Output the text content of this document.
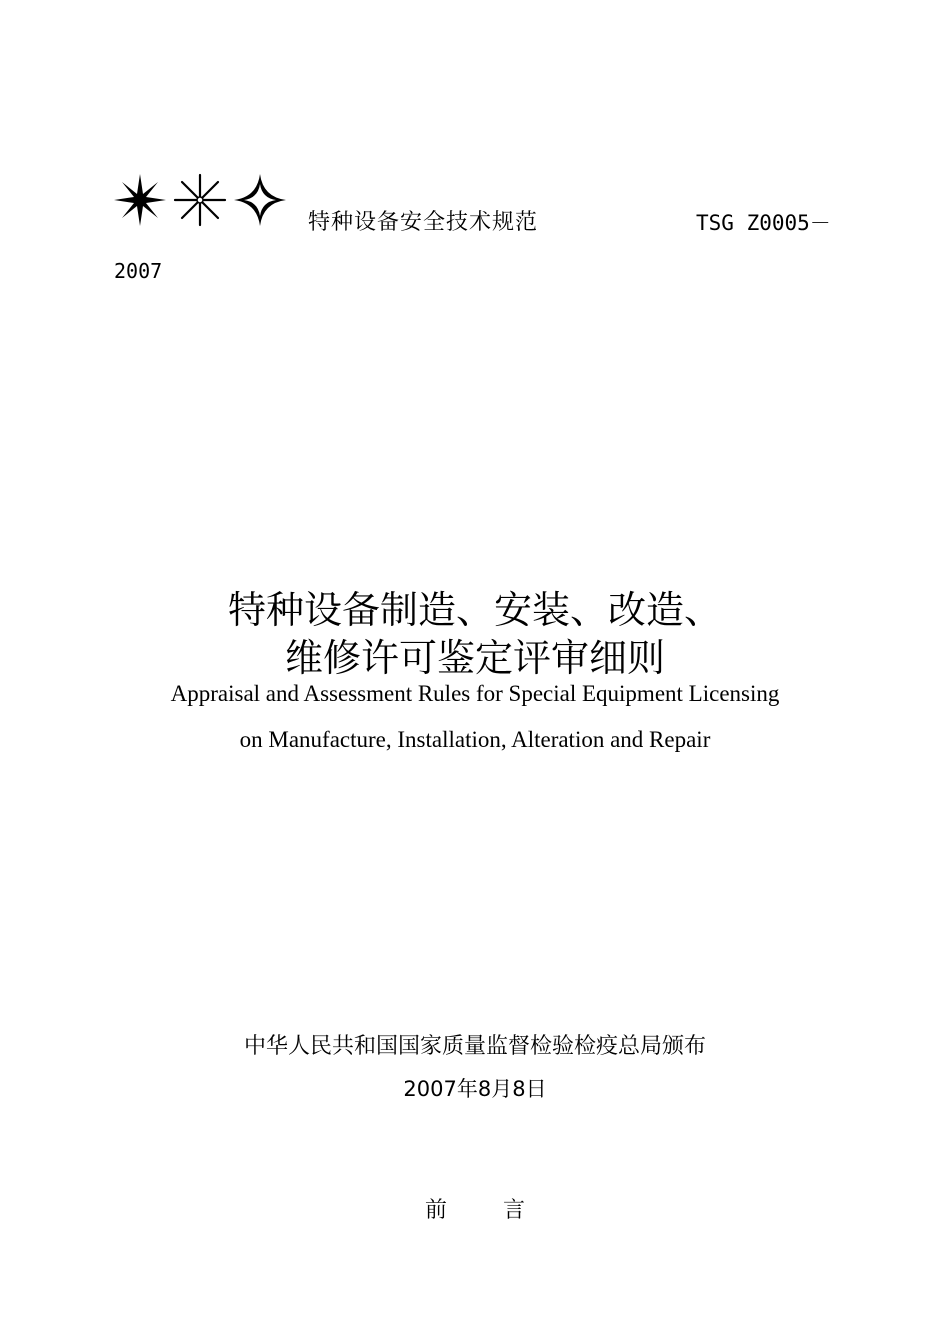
特种设备安全技术规范	TSG Z0005－
2007
特种设备制造、安装、改造、
维修许可鉴定评审细则
Appraisal and Assessment Rules for Special Equipment Licensing
on Manufacture, Installation, Alteration and Repair
中华人民共和国国家质量监督检验检疫总局颁布
2007年8月8日
前	言
